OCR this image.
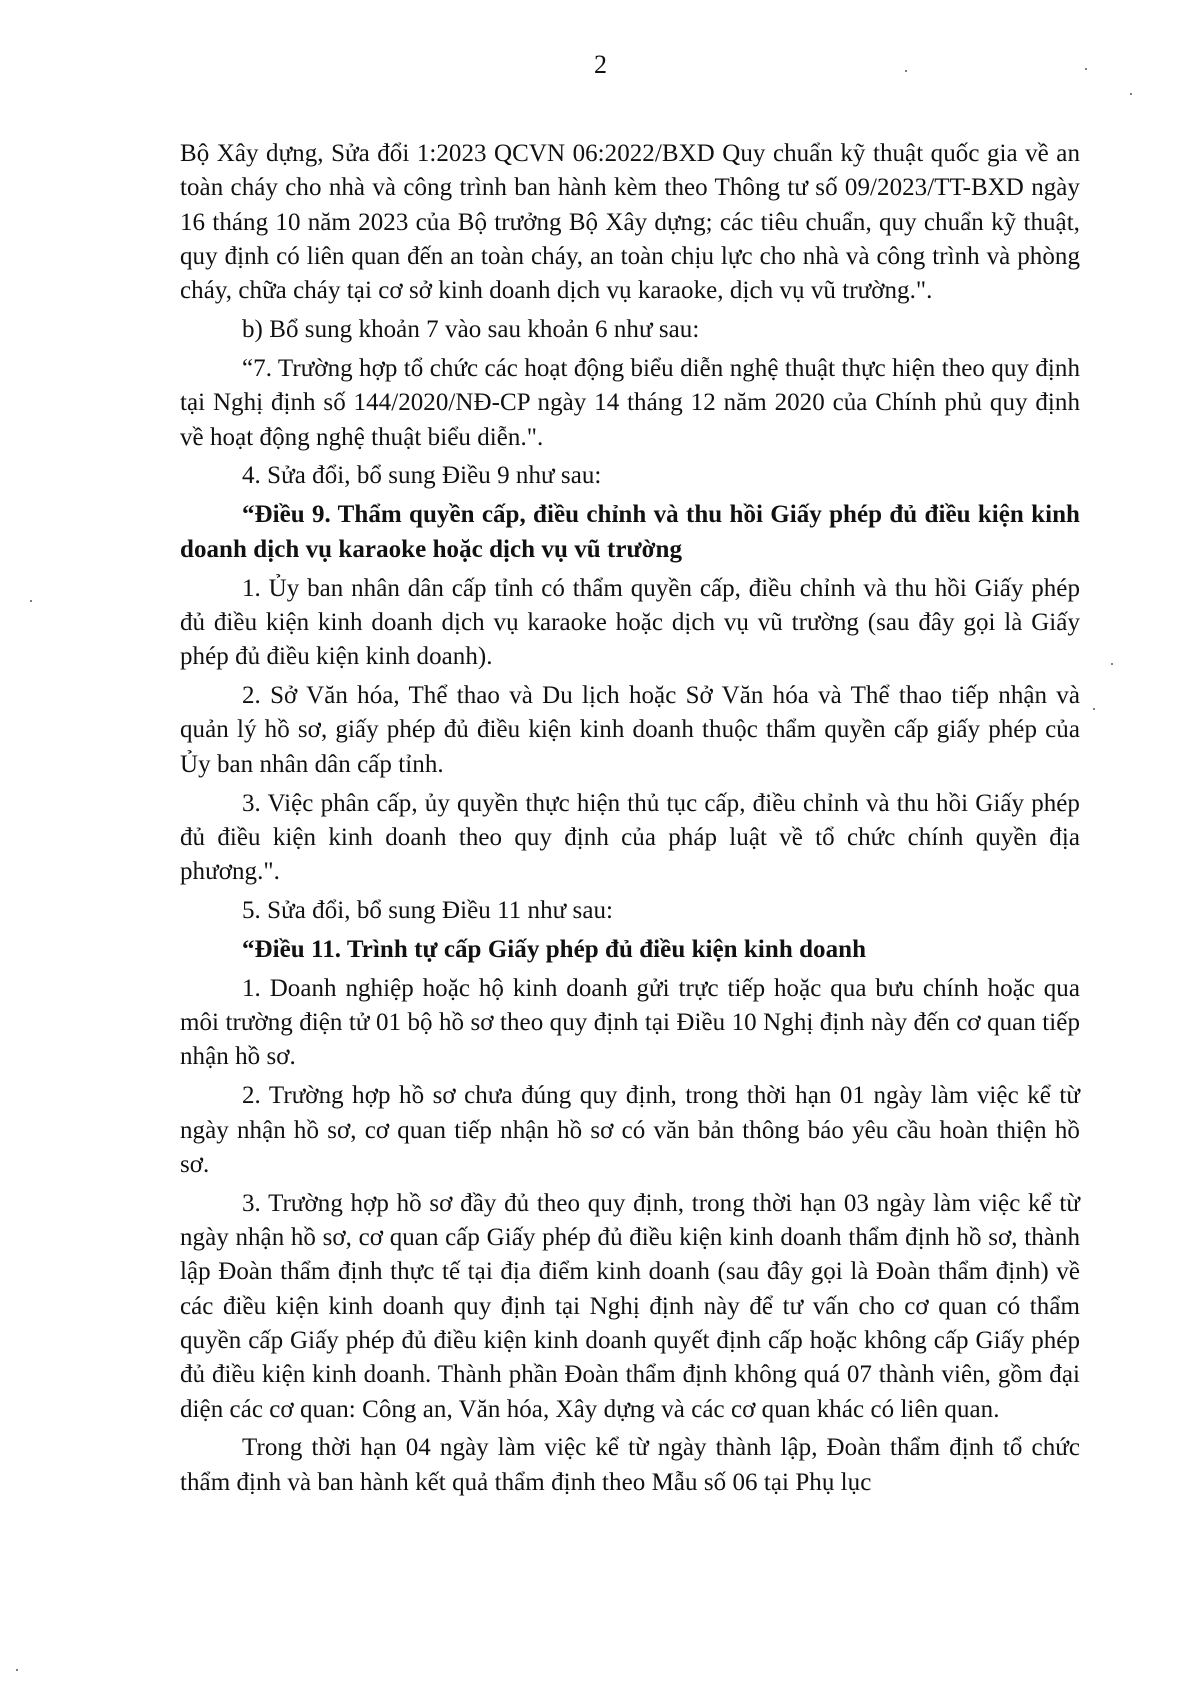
2

Bộ Xây dựng, Sửa đổi 1:2023 QCVN 06:2022/BXD Quy chuẩn kỹ thuật quốc gia về an toàn cháy cho nhà và công trình ban hành kèm theo Thông tư số 09/2023/TT-BXD ngày 16 tháng 10 năm 2023 của Bộ trưởng Bộ Xây dựng; các tiêu chuẩn, quy chuẩn kỹ thuật, quy định có liên quan đến an toàn cháy, an toàn chịu lực cho nhà và công trình và phòng cháy, chữa cháy tại cơ sở kinh doanh dịch vụ karaoke, dịch vụ vũ trường.".

b) Bổ sung khoản 7 vào sau khoản 6 như sau:

“7. Trường hợp tổ chức các hoạt động biểu diễn nghệ thuật thực hiện theo quy định tại Nghị định số 144/2020/NĐ-CP ngày 14 tháng 12 năm 2020 của Chính phủ quy định về hoạt động nghệ thuật biểu diễn.".

4. Sửa đổi, bổ sung Điều 9 như sau:

“Điều 9. Thẩm quyền cấp, điều chỉnh và thu hồi Giấy phép đủ điều kiện kinh doanh dịch vụ karaoke hoặc dịch vụ vũ trường

1. Ủy ban nhân dân cấp tỉnh có thẩm quyền cấp, điều chỉnh và thu hồi Giấy phép đủ điều kiện kinh doanh dịch vụ karaoke hoặc dịch vụ vũ trường (sau đây gọi là Giấy phép đủ điều kiện kinh doanh).

2. Sở Văn hóa, Thể thao và Du lịch hoặc Sở Văn hóa và Thể thao tiếp nhận và quản lý hồ sơ, giấy phép đủ điều kiện kinh doanh thuộc thẩm quyền cấp giấy phép của Ủy ban nhân dân cấp tỉnh.

3. Việc phân cấp, ủy quyền thực hiện thủ tục cấp, điều chỉnh và thu hồi Giấy phép đủ điều kiện kinh doanh theo quy định của pháp luật về tổ chức chính quyền địa phương.".

5. Sửa đổi, bổ sung Điều 11 như sau:

“Điều 11. Trình tự cấp Giấy phép đủ điều kiện kinh doanh

1. Doanh nghiệp hoặc hộ kinh doanh gửi trực tiếp hoặc qua bưu chính hoặc qua môi trường điện tử 01 bộ hồ sơ theo quy định tại Điều 10 Nghị định này đến cơ quan tiếp nhận hồ sơ.

2. Trường hợp hồ sơ chưa đúng quy định, trong thời hạn 01 ngày làm việc kể từ ngày nhận hồ sơ, cơ quan tiếp nhận hồ sơ có văn bản thông báo yêu cầu hoàn thiện hồ sơ.

3. Trường hợp hồ sơ đầy đủ theo quy định, trong thời hạn 03 ngày làm việc kể từ ngày nhận hồ sơ, cơ quan cấp Giấy phép đủ điều kiện kinh doanh thẩm định hồ sơ, thành lập Đoàn thẩm định thực tế tại địa điểm kinh doanh (sau đây gọi là Đoàn thẩm định) về các điều kiện kinh doanh quy định tại Nghị định này để tư vấn cho cơ quan có thẩm quyền cấp Giấy phép đủ điều kiện kinh doanh quyết định cấp hoặc không cấp Giấy phép đủ điều kiện kinh doanh. Thành phần Đoàn thẩm định không quá 07 thành viên, gồm đại diện các cơ quan: Công an, Văn hóa, Xây dựng và các cơ quan khác có liên quan.

Trong thời hạn 04 ngày làm việc kể từ ngày thành lập, Đoàn thẩm định tổ chức thẩm định và ban hành kết quả thẩm định theo Mẫu số 06 tại Phụ lục
